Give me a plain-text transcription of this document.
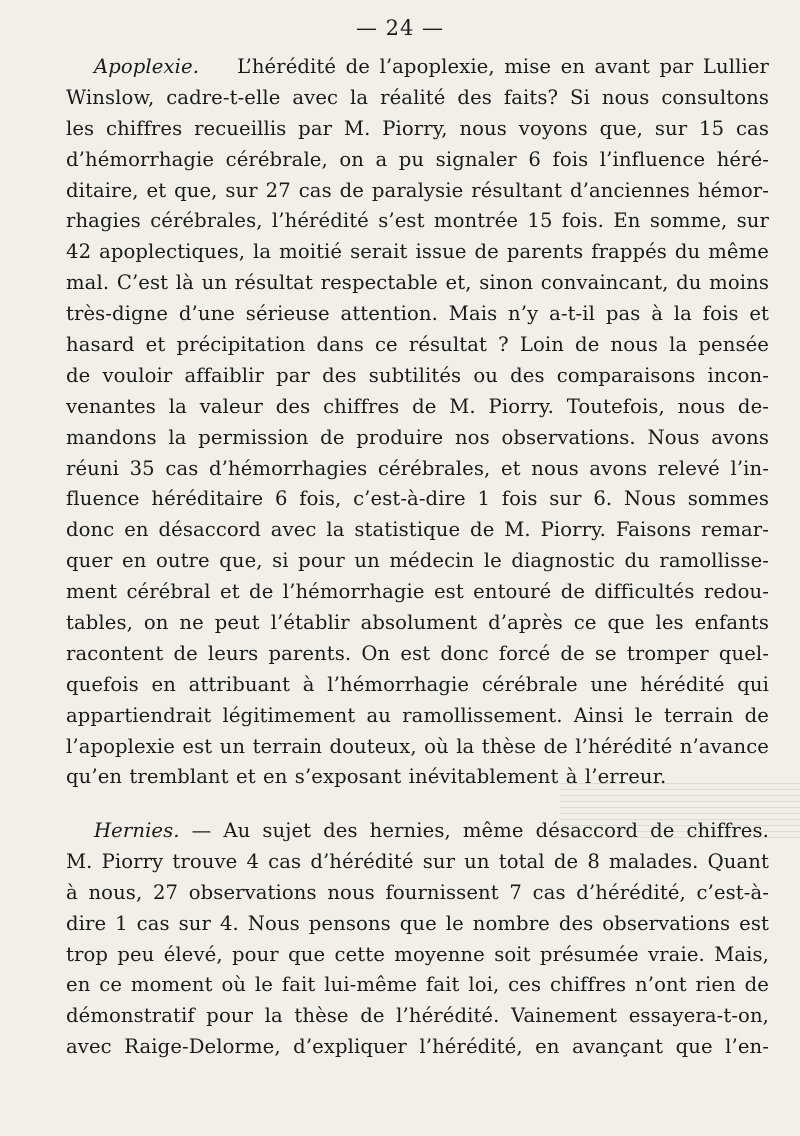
— 24 —
Apoplexie. L’hérédité de l’apoplexie, mise en avant par Lullier
Winslow, cadre-t-elle avec la réalité des faits? Si nous consultons
les chiffres recueillis par M. Piorry, nous voyons que, sur 15 cas
d’hémorrhagie cérébrale, on a pu signaler 6 fois l’influence héré-
ditaire, et que, sur 27 cas de paralysie résultant d’anciennes hémor-
rhagies cérébrales, l’hérédité s’est montrée 15 fois. En somme, sur
42 apoplectiques, la moitié serait issue de parents frappés du même
mal. C’est là un résultat respectable et, sinon convaincant, du moins
très-digne d’une sérieuse attention. Mais n’y a-t-il pas à la fois et
hasard et précipitation dans ce résultat ? Loin de nous la pensée
de vouloir affaiblir par des subtilités ou des comparaisons incon-
venantes la valeur des chiffres de M. Piorry. Toutefois, nous de-
mandons la permission de produire nos observations. Nous avons
réuni 35 cas d’hémorrhagies cérébrales, et nous avons relevé l’in-
fluence héréditaire 6 fois, c’est-à-dire 1 fois sur 6. Nous sommes
donc en désaccord avec la statistique de M. Piorry. Faisons remar-
quer en outre que, si pour un médecin le diagnostic du ramollisse-
ment cérébral et de l’hémorrhagie est entouré de difficultés redou-
tables, on ne peut l’établir absolument d’après ce que les enfants
racontent de leurs parents. On est donc forcé de se tromper quel-
quefois en attribuant à l’hémorrhagie cérébrale une hérédité qui
appartiendrait légitimement au ramollissement. Ainsi le terrain de
l’apoplexie est un terrain douteux, où la thèse de l’hérédité n’avance
qu’en tremblant et en s’exposant inévitablement à l’erreur.
Hernies. — Au sujet des hernies, même désaccord de chiffres.
M. Piorry trouve 4 cas d’hérédité sur un total de 8 malades. Quant
à nous, 27 observations nous fournissent 7 cas d’hérédité, c’est-à-
dire 1 cas sur 4. Nous pensons que le nombre des observations est
trop peu élevé, pour que cette moyenne soit présumée vraie. Mais,
en ce moment où le fait lui-même fait loi, ces chiffres n’ont rien de
démonstratif pour la thèse de l’hérédité. Vainement essayera-t-on,
avec Raige-Delorme, d’expliquer l’hérédité, en avançant que l’en-
